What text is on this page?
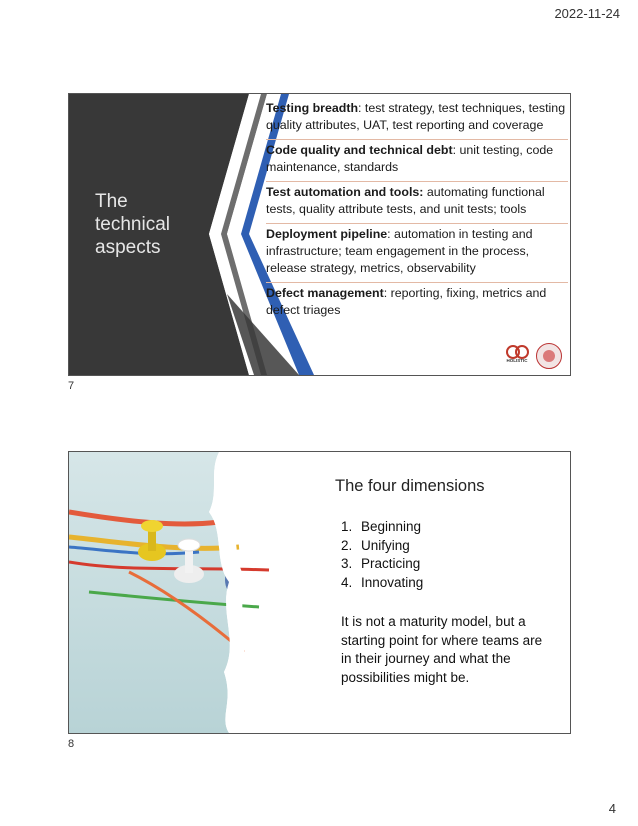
2022-11-24
The technical aspects
Testing breadth: test strategy, test techniques, testing quality attributes, UAT, test reporting and coverage
Code quality and technical debt: unit testing, code maintenance, standards
Test automation and tools: automating functional tests, quality attribute tests, and unit tests; tools
Deployment pipeline: automation in testing and infrastructure; team engagement in the process, release strategy, metrics, observability
Defect management: reporting, fixing, metrics and defect triages
HOLISTIC
7
The four dimensions
1. Beginning
2. Unifying
3. Practicing
4. Innovating
It is not a maturity model, but a starting point for where teams are in their journey and what the possibilities might be.
8
4
